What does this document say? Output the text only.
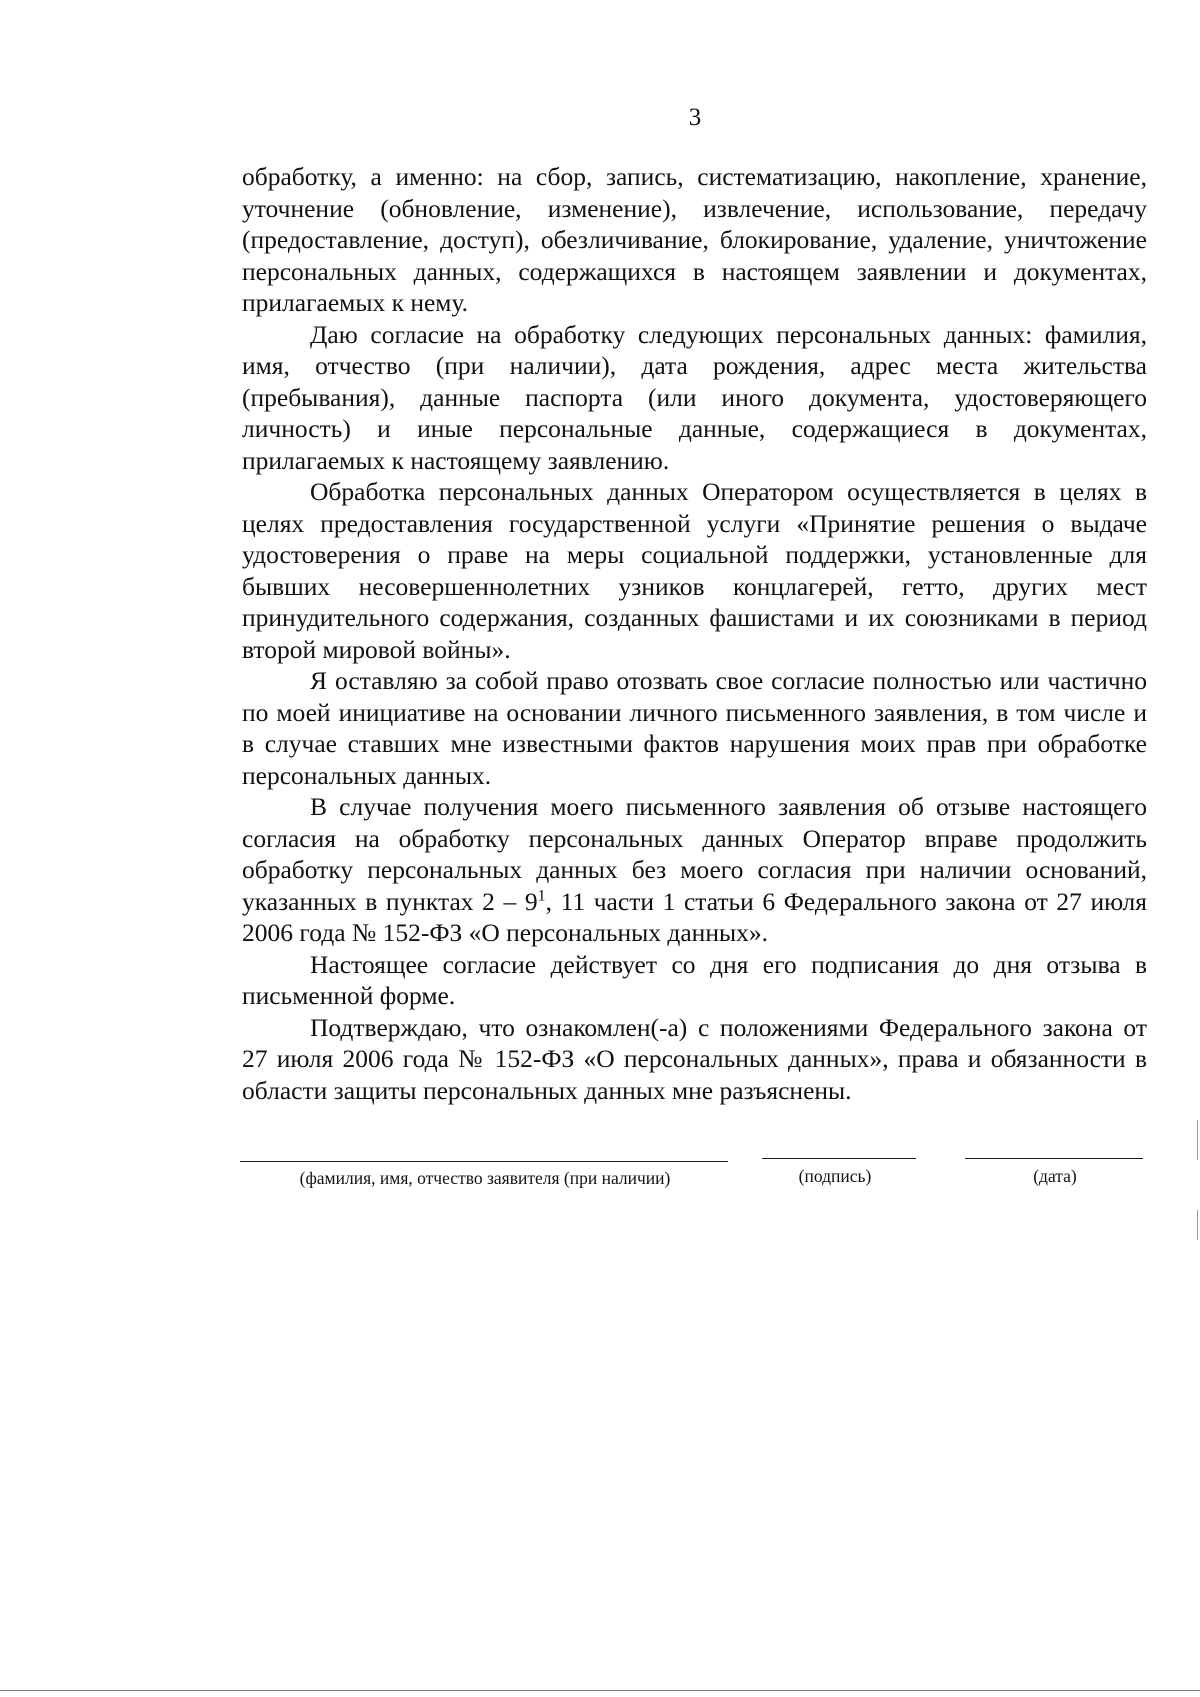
3

обработку, а именно: на сбор, запись, систематизацию, накопление, хранение, уточнение (обновление, изменение), извлечение, использование, передачу (предоставление, доступ), обезличивание, блокирование, удаление, уничтожение персональных данных, содержащихся в настоящем заявлении и документах, прилагаемых к нему.

Даю согласие на обработку следующих персональных данных: фамилия, имя, отчество (при наличии), дата рождения, адрес места жительства (пребывания), данные паспорта (или иного документа, удостоверяющего личность) и иные персональные данные, содержащиеся в документах, прилагаемых к настоящему заявлению.

Обработка персональных данных Оператором осуществляется в целях в целях предоставления государственной услуги «Принятие решения о выдаче удостоверения о праве на меры социальной поддержки, установленные для бывших несовершеннолетних узников концлагерей, гетто, других мест принудительного содержания, созданных фашистами и их союзниками в период второй мировой войны».

Я оставляю за собой право отозвать свое согласие полностью или частично по моей инициативе на основании личного письменного заявления, в том числе и в случае ставших мне известными фактов нарушения моих прав при обработке персональных данных.

В случае получения моего письменного заявления об отзыве настоящего согласия на обработку персональных данных Оператор вправе продолжить обработку персональных данных без моего согласия при наличии оснований, указанных в пунктах $2 - 9^1$, 11 части 1 статьи 6 Федерального закона от 27 июля 2006 года № 152-ФЗ «О персональных данных».

Настоящее согласие действует со дня его подписания до дня отзыва в письменной форме.

Подтверждаю, что ознакомлен(-а) с положениями Федерального закона от 27 июля 2006 года № 152-ФЗ «О персональных данных», права и обязанности в области защиты персональных данных мне разъяснены.

(фамилия, имя, отчество заявителя (при наличии)	(подпись)	(дата)
